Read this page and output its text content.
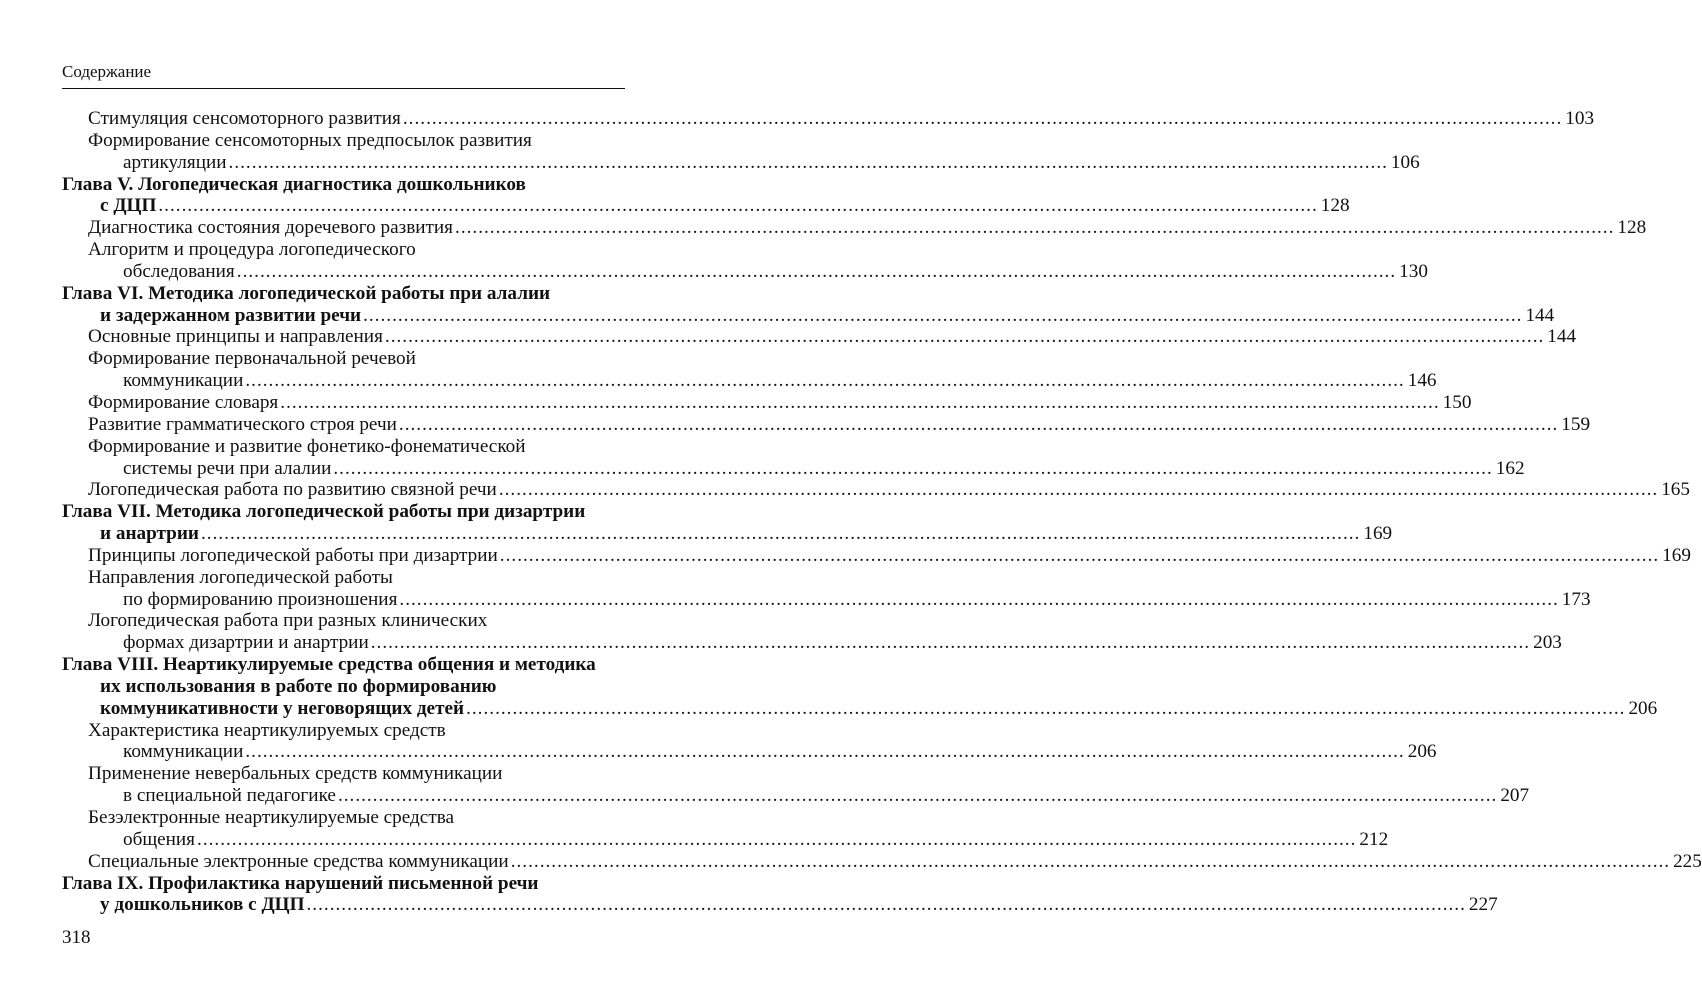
Содержание
Стимуляция сенсомоторного развития ........................................................................................................................................................................................................ 103
Формирование сенсомоторных предпосылок развития
артикуляции ........................................................................................................................................................................................................ 106
Глава V. Логопедическая диагностика дошкольников
с ДЦП ........................................................................................................................................................................................................ 128
Диагностика состояния доречевого развития ........................................................................................................................................................................................................ 128
Алгоритм и процедура логопедического
обследования ........................................................................................................................................................................................................ 130
Глава VI. Методика логопедической работы при алалии
и задержанном развитии речи ........................................................................................................................................................................................................ 144
Основные принципы и направления ........................................................................................................................................................................................................ 144
Формирование первоначальной речевой
коммуникации ........................................................................................................................................................................................................ 146
Формирование словаря ........................................................................................................................................................................................................ 150
Развитие грамматического строя речи ........................................................................................................................................................................................................ 159
Формирование и развитие фонетико-фонематической
системы речи при алалии ........................................................................................................................................................................................................ 162
Логопедическая работа по развитию связной речи ........................................................................................................................................................................................................ 165
Глава VII. Методика логопедической работы при дизартрии
и анартрии ........................................................................................................................................................................................................ 169
Принципы логопедической работы при дизартрии ........................................................................................................................................................................................................ 169
Направления логопедической работы
по формированию произношения ........................................................................................................................................................................................................ 173
Логопедическая работа при разных клинических
формах дизартрии и анартрии ........................................................................................................................................................................................................ 203
Глава VIII. Неартикулируемые средства общения и методика
их использования в работе по формированию
коммуникативности у неговорящих детей ........................................................................................................................................................................................................ 206
Характеристика неартикулируемых средств
коммуникации ........................................................................................................................................................................................................ 206
Применение невербальных средств коммуникации
в специальной педагогике ........................................................................................................................................................................................................ 207
Безэлектронные неартикулируемые средства
общения ........................................................................................................................................................................................................ 212
Специальные электронные средства коммуникации ........................................................................................................................................................................................................ 225
Глава IX. Профилактика нарушений письменной речи
у дошкольников с ДЦП ........................................................................................................................................................................................................ 227
318
